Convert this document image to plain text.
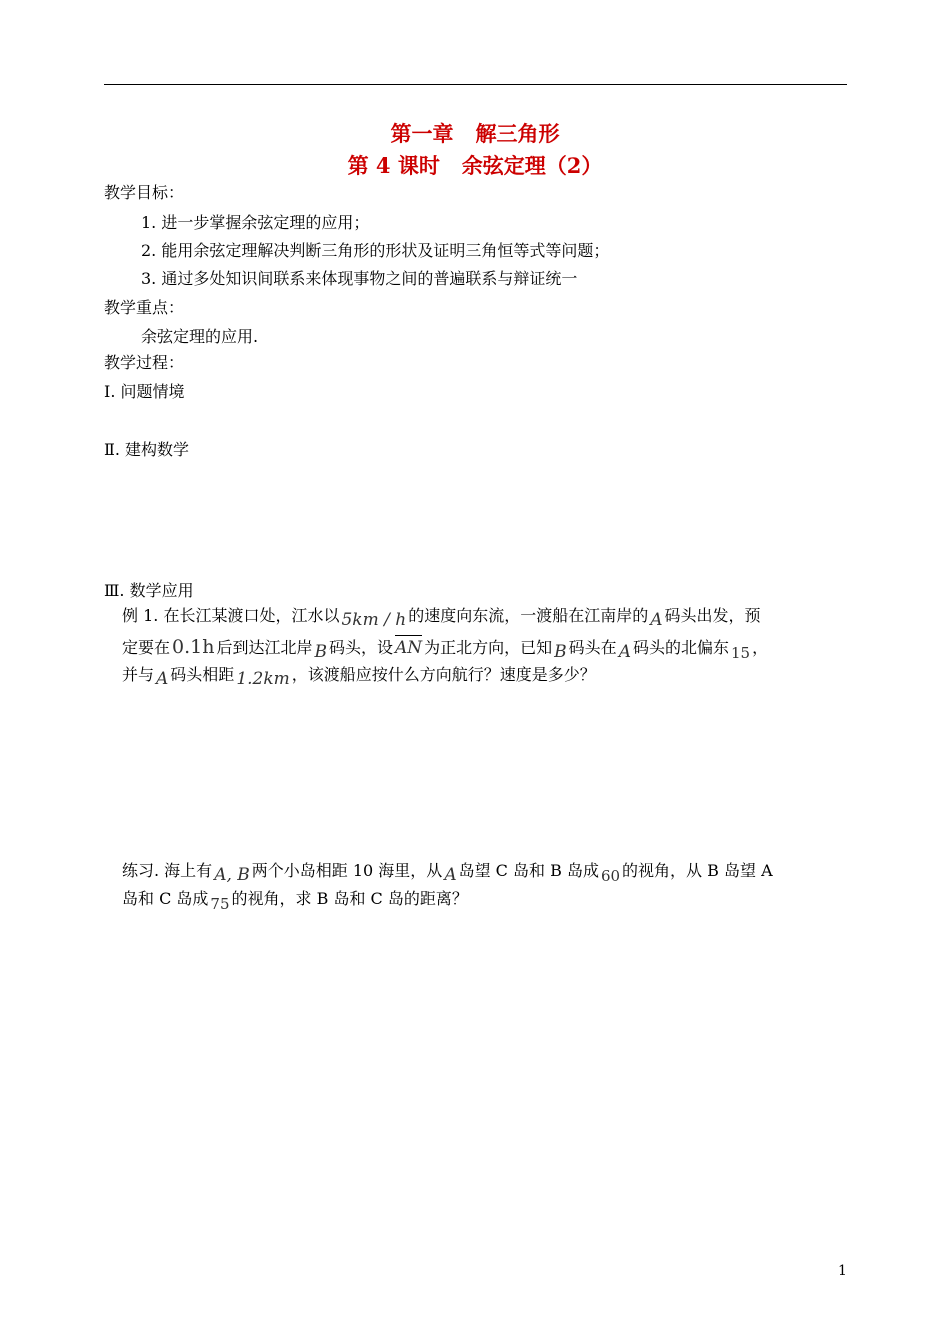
第一章   解三角形
第 4 课时   余弦定理（2）
教学目标：
1. 进一步掌握余弦定理的应用；
2. 能用余弦定理解决判断三角形的形状及证明三角恒等式等问题；
3. 通过多处知识间联系来体现事物之间的普遍联系与辩证统一
教学重点：
余弦定理的应用.
教学过程：
Ⅰ. 问题情境
Ⅱ. 建构数学
Ⅲ. 数学应用
例 1. 在长江某渡口处，江水以 5km / h 的速度向东流，一渡船在江南岸的 A 码头出发，预
定要在 0.1h 后到达江北岸 B 码头，设 AN 为正北方向，已知 B 码头在 A 码头的北偏东 15 ，
并与 A 码头相距 1.2km ，该渡船应按什么方向航行？速度是多少？
练习. 海上有 A, B 两个小岛相距 10 海里，从 A 岛望 C 岛和 B 岛成 60 的视角，从 B 岛望 A
岛和 C 岛成 75 的视角，求 B 岛和 C 岛的距离？
1
